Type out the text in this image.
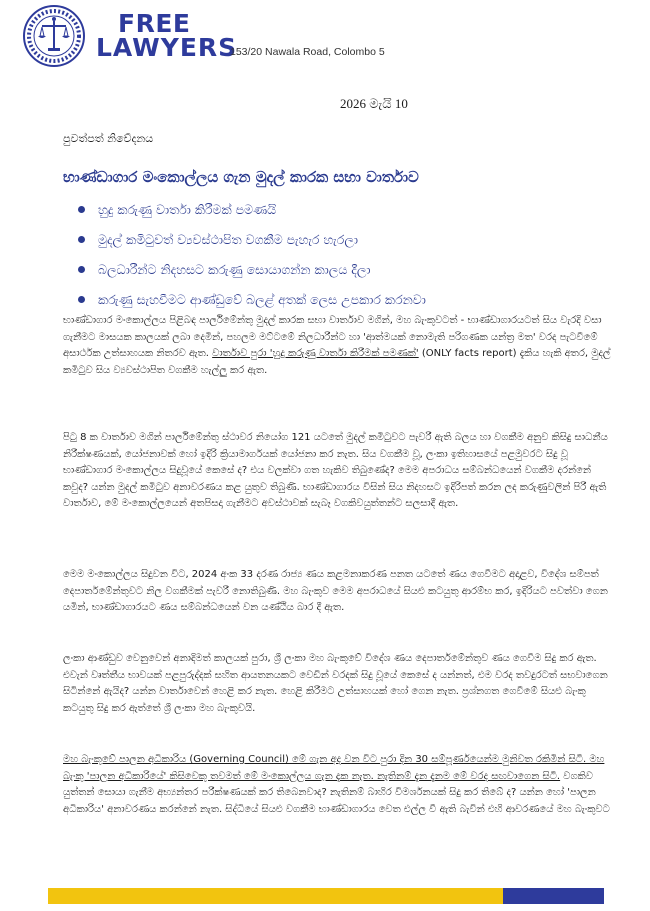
FREE
LAWYERS
153/20 Nawala Road, Colombo 5
2026 මැයි 10
පුවත්පත් නිවේදනය
භාණ්ඩාගාර මංකොල්ලය ගැන මුදල් කාරක සභා වාර්තාව
හුදු කරුණු වාර්තා කිරීමක් පමණයි
මුදල් කමිටුවත් ව්‍යවස්ථාපිත වගකීම පැහැර හැරලා
බලධාරීන්ට නිදහසට කරුණු සොයාගන්න කාලය දීලා
කරුණු සැහවීමට ආණ්ඩුවේ බලළ් අතක් ලෙස උපකාර කරනවා
භාණ්ඩාගාර මංකොල්ලය පිළිබඳ පාර්ලිමේන්තු මුදල් කාරක සභා වාර්තාව මගින්, මහ බැංකුවටත් - භාණ්ඩාගාරයටත් සිය වැරදි වසා ගැනීමට මාසයක කාලයක් ලබා දෙමින්, පහලම මට්ටමේ නිලධාරීන්ට හා 'ආත්මයක් නොමැති පරිගණක යන්ත්‍ර මත' වරද පැටවීමේ අසාර්ථක උත්සාහයක නිතරව ඇත. වාර්තාව පුරා 'හුදු කරුණු වාර්තා කිරීමක් පමණක්' (ONLY facts report) දැකිය හැකි අතර, මුදල් කමිටුව සිය ව්‍යවස්ථාපිත වගකීම හැල්ලු කර ඇත.
පිටු 8 ක වාර්තාව මගින් පාර්ලිමේන්තු ස්ථාවර නියෝග 121 යටතේ මුදල් කමිටුවට පැවරී ඇති බලය හා වගකීම අනුව කිසිදු සාධනීය නිරීක්ෂණයක්, යෝජනාවක් හෝ ඉදිරි ක්‍රියාමාර්ගයක් යෝජනා කර නැත. සිය වගකීම වූ, ලංකා ඉතිහාසයේ පළමුවරට සිදු වූ භාණ්ඩාගාර මංකොල්ලය සිදුවූයේ කෙසේ ද? එය වලක්වා ගත හැකිව තිබුණේද? මෙම අපරාධය සම්බන්ධයෙන් වගකීම දරන්නේ කවුද? යන්න මුදල් කමිටුව අනාවරණය කළ යුතුව තිබුණි. භාණ්ඩාගාරය විසින් සිය නිදහසට ඉදිරිපත් කරන ලද කරුණුවලින් පිරී ඇති වාර්තාව, මේ මංකොල්ලයෙන් අතපිසදා ගැනීමට අවස්ථාවක් සැබෑ වගකිවයුත්තන්ට සලසාදී ඇත.
මෙම මංකොල්ලය සිදුවන විට, 2024 අංක 33 දරණ රාජ්‍ය ණය කළමනාකරණ පනත යටතේ ණය ගෙවීමට අදාළව, විදේශ සම්පත් දෙපාර්තමේන්තුවට නිල වගකීමක් පැවරී නොතිබුණි. මහ බැංකුව මෙම අපරාධයේ සියළු කටයුතු ආරම්භ කර, ඉදිරියට පවත්වා ගෙන යමින්, භාණ්ඩාගාරයට ණය සම්බන්ධයෙන් වන යණ්ඨිය බාර දී ඇත.
ලංකා ආණ්ඩුව වෙනුවෙන් අනාදිමත් කාලයක් පුරා, ශ්‍රී ලංකා මහ බැංකුවේ විදේශ ණය දෙපාර්තමේන්තුව ණය ගෙවීම සිදු කර ඇත. එවැන් වෘත්තීය භාවයක් පළපුරුද්දක් සහිත ආයතනයකට වෙඩින් වරදක් සිදු වූයේ කෙසේ ද යන්නත්, එම වරද තවදුරටත් සභවාගෙන සිටින්නේ ඇයිද? යන්න වාර්තාවෙන් හෙළි කර නැත. හෙළි කිරීමට උත්සාහයක් හෝ ගෙන නැත. ප්‍රශ්නගත ගෙවීමේ සියළු බැංකු කටයුතු සිදු කර ඇත්තේ ශ්‍රී ලංකා මහ බැංකුවයි.
මහ බැංකුවේ පාලන අධිකාරිය (Governing Council) මේ ගැන අද වන විට පුරා දින 30 සම්පූර්ණයෙන්ම මුනිවත රකිමින් සිටී. මහ බැංකු 'පාලන අධිකාරියේ' කිසිවෙකු තවමත් මේ මංකොල්ලය ගැන දැක නැත. නැතිනම් දැන දැනම මේ වරද සඟවාගෙන සිටී. වගකිව යුත්තන් සොයා ගැනීම අභ්‍යන්තර පරීක්ෂණයක් කර තිබෙනවාද? නැතිනම් බාහිර විමර්ශනයක් සිදු කර තිබේ ද? යන්න හෝ 'පාලන අධිකාරිය' අනාවරණය කරන්නේ නැත. සිද්ධියේ සියළු වගකීම භාණ්ඩාගාරය වෙත එල්ල වී ඇති බැවින් එහි ආවරණයේ මහ බැංකුවට
